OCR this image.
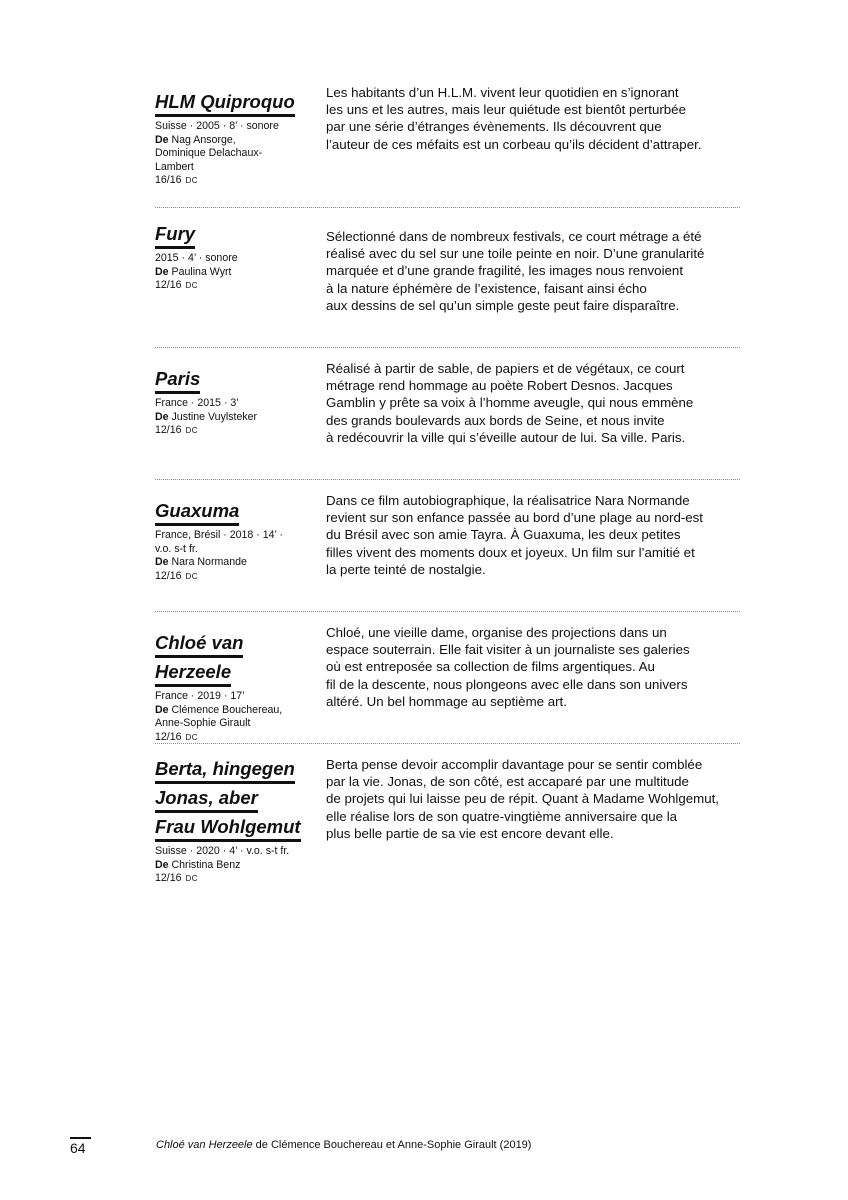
HLM Quiproquo
Suisse · 2005 · 8’ · sonore
De Nag Ansorge,
Dominique Delachaux-
Lambert
16/16 DC
Les habitants d’un H.L.M. vivent leur quotidien en s’ignorant
les uns et les autres, mais leur quiétude est bientôt perturbée
par une série d’étranges évènements. Ils découvrent que
l’auteur de ces méfaits est un corbeau qu’ils décident d’attraper.
Fury
2015 · 4’ · sonore
De Paulina Wyrt
12/16 DC
Sélectionné dans de nombreux festivals, ce court métrage a été
réalisé avec du sel sur une toile peinte en noir. D’une granularité
marquée et d’une grande fragilité, les images nous renvoient
à la nature éphémère de l’existence, faisant ainsi écho
aux dessins de sel qu’un simple geste peut faire disparaître.
Paris
France · 2015 · 3’
De Justine Vuylsteker
12/16 DC
Réalisé à partir de sable, de papiers et de végétaux, ce court
métrage rend hommage au poète Robert Desnos. Jacques
Gamblin y prête sa voix à l’homme aveugle, qui nous emmène
des grands boulevards aux bords de Seine, et nous invite
à redécouvrir la ville qui s’éveille autour de lui. Sa ville. Paris.
Guaxuma
France, Brésil · 2018 · 14’ · v.o. s-t fr.
De Nara Normande
12/16 DC
Dans ce film autobiographique, la réalisatrice Nara Normande
revient sur son enfance passée au bord d’une plage au nord-est
du Brésil avec son amie Tayra. À Guaxuma, les deux petites
filles vivent des moments doux et joyeux. Un film sur l’amitié et
la perte teinté de nostalgie.
Chloé van
Herzeele
France · 2019 · 17’
De Clémence Bouchereau,
Anne-Sophie Girault
12/16 DC
Chloé, une vieille dame, organise des projections dans un
espace souterrain. Elle fait visiter à un journaliste ses galeries
où est entreposée sa collection de films argentiques. Au
fil de la descente, nous plongeons avec elle dans son univers
altéré. Un bel hommage au septième art.
Berta, hingegen
Jonas, aber
Frau Wohlgemut
Suisse · 2020 · 4’ · v.o. s-t fr.
De Christina Benz
12/16 DC
Berta pense devoir accomplir davantage pour se sentir comblée
par la vie. Jonas, de son côté, est accaparé par une multitude
de projets qui lui laisse peu de répit. Quant à Madame Wohlgemut,
elle réalise lors de son quatre-vingtième anniversaire que la
plus belle partie de sa vie est encore devant elle.
64	Chloé van Herzeele de Clémence Bouchereau et Anne-Sophie Girault (2019)
